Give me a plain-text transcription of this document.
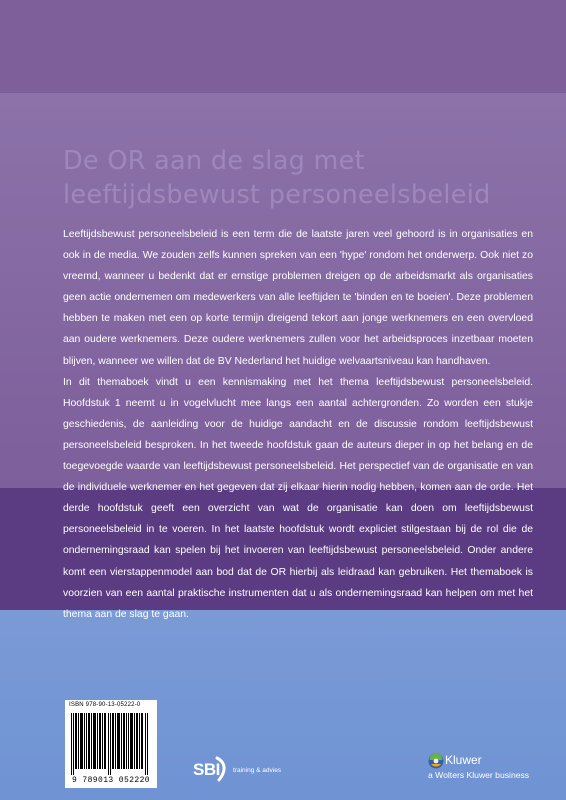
De OR aan de slag met
leeftijdsbewust personeelsbeleid

Leeftijdsbewust personeelsbeleid is een term die de laatste jaren veel gehoord is in organisaties en ook in de media. We zouden zelfs kunnen spreken van een 'hype' rondom het onderwerp. Ook niet zo vreemd, wanneer u bedenkt dat er ernstige problemen dreigen op de arbeidsmarkt als organisaties geen actie ondernemen om medewerkers van alle leeftijden te 'binden en te boeien'. Deze problemen hebben te maken met een op korte termijn dreigend tekort aan jonge werknemers en een overvloed aan oudere werknemers. Deze oudere werknemers zullen voor het arbeidsproces inzetbaar moeten blijven, wanneer we willen dat de BV Nederland het huidige welvaartsniveau kan handhaven.

In dit themaboek vindt u een kennismaking met het thema leeftijdsbewust personeelsbeleid. Hoofdstuk 1 neemt u in vogelvlucht mee langs een aantal achtergronden. Zo worden een stukje geschiedenis, de aanleiding voor de huidige aandacht en de discussie rondom leeftijdsbewust personeelsbeleid besproken. In het tweede hoofdstuk gaan de auteurs dieper in op het belang en de toegevoegde waarde van leeftijdsbewust personeelsbeleid. Het perspectief van de organisatie en van de individuele werknemer en het gegeven dat zij elkaar hierin nodig hebben, komen aan de orde. Het derde hoofdstuk geeft een overzicht van wat de organisatie kan doen om leeftijdsbewust personeelsbeleid in te voeren. In het laatste hoofdstuk wordt expliciet stilgestaan bij de rol die de ondernemingsraad kan spelen bij het invoeren van leeftijdsbewust personeelsbeleid. Onder andere komt een vierstappenmodel aan bod dat de OR hierbij als leidraad kan gebruiken. Het themaboek is voorzien van een aantal praktische instrumenten dat u als ondernemingsraad kan helpen om met het thema aan de slag te gaan.

ISBN 978-90-13-05222-0
9 789013 052220
SBI training & advies
Kluwer
a Wolters Kluwer business
